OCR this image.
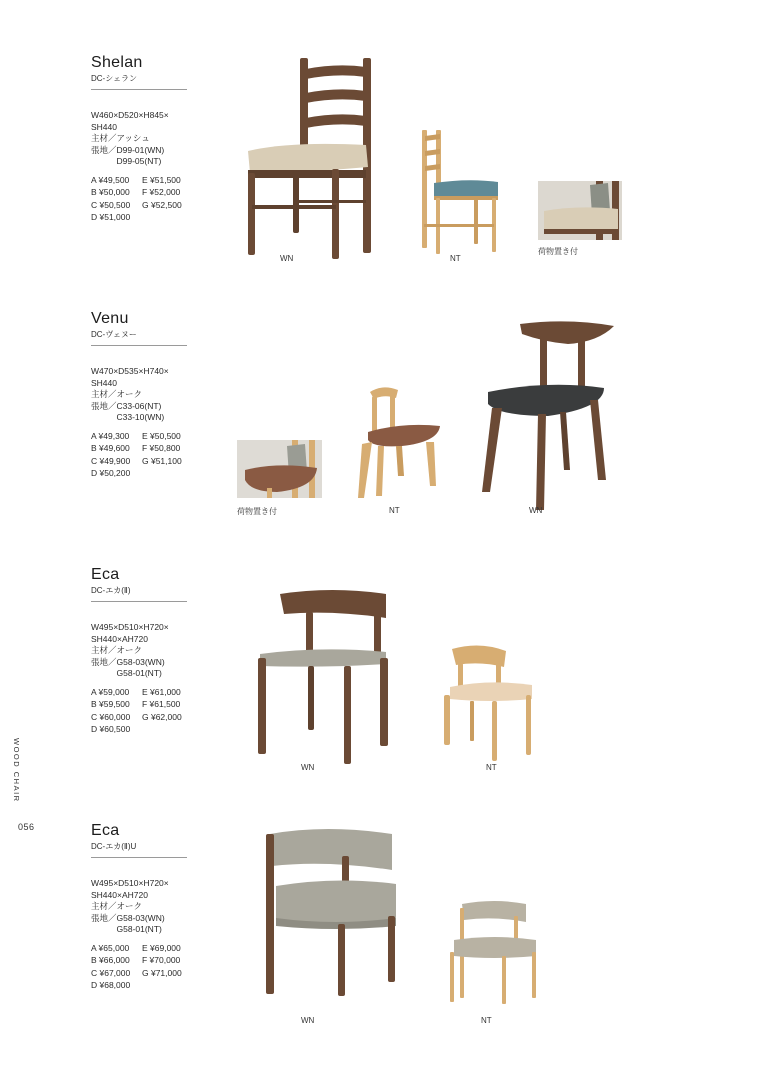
WOOD CHAIR
056
Shelan
DC-シェラン
W460×D520×H845×
SH440
主材／アッシュ
張地／D99-01(WN)
　　　D99-05(NT)
A ¥49,500	E ¥51,500
B ¥50,000	F ¥52,000
C ¥50,500	G ¥52,500
D ¥51,000
WN	NT
荷物置き付
Venu
DC-ヴェヌー
W470×D535×H740×
SH440
主材／オーク
張地／C33-06(NT)
　　　C33-10(WN)
A ¥49,300	E ¥50,500
B ¥49,600	F ¥50,800
C ¥49,900	G ¥51,100
D ¥50,200
荷物置き付	NT	WN
Eca
DC-エカ(Ⅱ)
W495×D510×H720×
SH440×AH720
主材／オーク
張地／G58-03(WN)
　　　G58-01(NT)
A ¥59,000	E ¥61,000
B ¥59,500	F ¥61,500
C ¥60,000	G ¥62,000
D ¥60,500
WN	NT
Eca
DC-エカ(Ⅱ)U
W495×D510×H720×
SH440×AH720
主材／オーク
張地／G58-03(WN)
　　　G58-01(NT)
A ¥65,000	E ¥69,000
B ¥66,000	F ¥70,000
C ¥67,000	G ¥71,000
D ¥68,000
WN	NT
